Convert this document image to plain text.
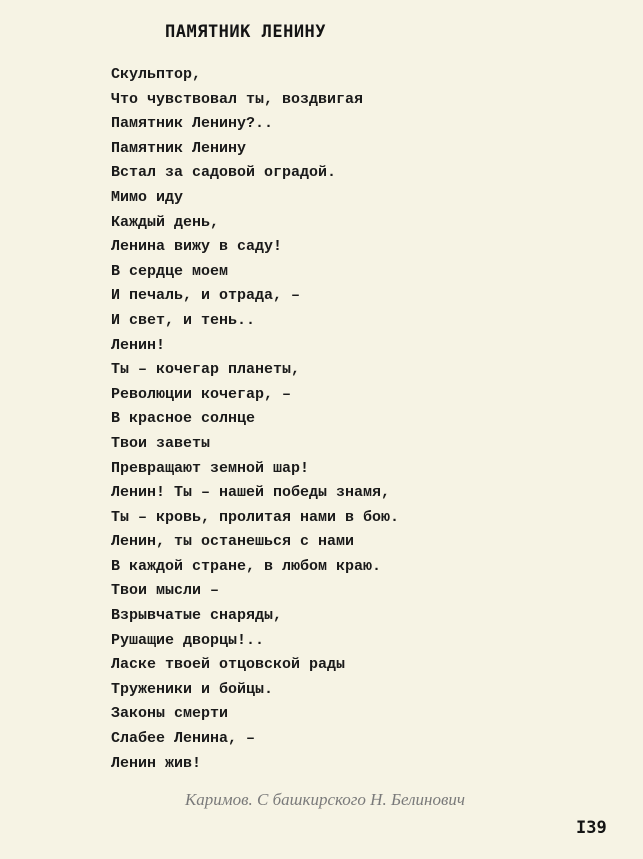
ПАМЯТНИК ЛЕНИНУ
Скульптор,
Что чувствовал ты, воздвигая
Памятник Ленину?..
Памятник Ленину
Встал за садовой оградой.
Мимо иду
Каждый день,
Ленина вижу в саду!
В сердце моем
И печаль, и отрада, –
И свет, и тень..
Ленин!
Ты – кочегар планеты,
Революции кочегар, –
В красное солнце
Твои заветы
Превращают земной шар!
Ленин! Ты – нашей победы знамя,
Ты – кровь, пролитая нами в бою.
Ленин, ты останешься с нами
В каждой стране, в любом краю.
Твои мысли –
Взрывчатые снаряды,
Рушащие дворцы!..
Ласке твоей отцовской рады
Труженики и бойцы.
Законы смерти
Слабее Ленина, –
Ленин жив!
Каримов. С башкирского Н. Белинович
I39
